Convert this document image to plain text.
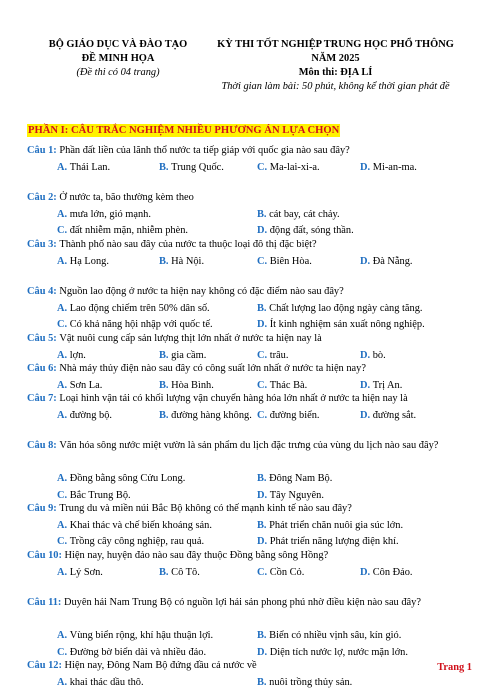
BỘ GIÁO DỤC VÀ ĐÀO TẠO
ĐỀ MINH HỌA
(Đề thi có 04 trang)
KỲ THI TỐT NGHIỆP TRUNG HỌC PHỔ THÔNG
NĂM 2025
Môn thi: ĐỊA LÍ
Thời gian làm bài: 50 phút, không kể thời gian phát đề
PHẦN I: CÂU TRẮC NGHIỆM NHIỀU PHƯƠNG ÁN LỰA CHỌN
Câu 1: Phần đất liền của lãnh thổ nước ta tiếp giáp với quốc gia nào sau đây?
A. Thái Lan.	B. Trung Quốc.	C. Ma-lai-xi-a.	D. Mi-an-ma.
Câu 2: Ở nước ta, bão thường kèm theo
A. mưa lớn, gió mạnh.	B. cát bay, cát chảy.
C. đất nhiễm mặn, nhiễm phèn.	D. động đất, sóng thần.
Câu 3: Thành phố nào sau đây của nước ta thuộc loại đô thị đặc biệt?
A. Hạ Long.	B. Hà Nội.	C. Biên Hòa.	D. Đà Nẵng.
Câu 4: Nguồn lao động ở nước ta hiện nay không có đặc điểm nào sau đây?
A. Lao động chiếm trên 50% dân số.	B. Chất lượng lao động ngày càng tăng.
C. Có khả năng hội nhập với quốc tế.	D. Ít kinh nghiệm sản xuất nông nghiệp.
Câu 5: Vật nuôi cung cấp sản lượng thịt lớn nhất ở nước ta hiện nay là
A. lợn.	B. gia cầm.	C. trâu.	D. bò.
Câu 6: Nhà máy thủy điện nào sau đây có công suất lớn nhất ở nước ta hiện nay?
A. Sơn La.	B. Hòa Bình.	C. Thác Bà.	D. Trị An.
Câu 7: Loại hình vận tải có khối lượng vận chuyển hàng hóa lớn nhất ở nước ta hiện nay là
A. đường bộ.	B. đường hàng không. C. đường biển.	D. đường sắt.
Câu 8: Văn hóa sông nước miệt vườn là sản phẩm du lịch đặc trưng của vùng du lịch nào sau đây?
A. Đồng bằng sông Cửu Long.	B. Đông Nam Bộ.
C. Bắc Trung Bộ.	D. Tây Nguyên.
Câu 9: Trung du và miền núi Bắc Bộ không có thế mạnh kinh tế nào sau đây?
A. Khai thác và chế biến khoáng sản.	B. Phát triển chăn nuôi gia súc lớn.
C. Trồng cây công nghiệp, rau quả.	D. Phát triển năng lượng điện khí.
Câu 10: Hiện nay, huyện đảo nào sau đây thuộc Đồng bằng sông Hồng?
A. Lý Sơn.	B. Cô Tô.	C. Cồn Cỏ.	D. Côn Đảo.
Câu 11: Duyên hải Nam Trung Bộ có nguồn lợi hải sản phong phú nhờ điều kiện nào sau đây?
A. Vùng biển rộng, khí hậu thuận lợi.	B. Biển có nhiều vịnh sâu, kín gió.
C. Đường bờ biển dài và nhiều đảo.	D. Diện tích nước lợ, nước mặn lớn.
Câu 12: Hiện nay, Đông Nam Bộ đứng đầu cả nước về
A. khai thác dầu thô.	B. nuôi trồng thủy sản.
Trang 1
